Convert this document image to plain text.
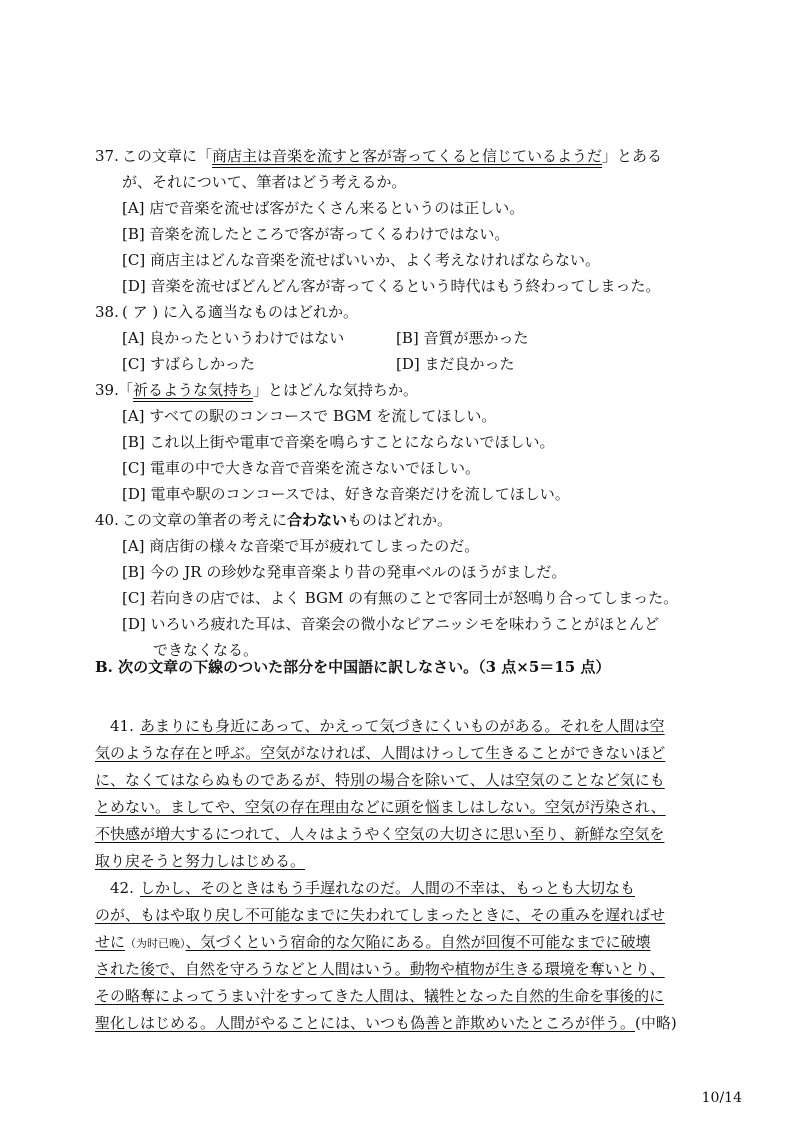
37. この文章に「商店主は音楽を流すと客が寄ってくると信じているようだ」とある
が、それについて、筆者はどう考えるか。
[A] 店で音楽を流せば客がたくさん来るというのは正しい。
[B] 音楽を流したところで客が寄ってくるわけではない。
[C] 商店主はどんな音楽を流せばいいか、よく考えなければならない。
[D] 音楽を流せばどんどん客が寄ってくるという時代はもう終わってしまった。
38. ( ア ) に入る適当なものはどれか。
[A] 良かったというわけではない	[B] 音質が悪かった
[C] すばらしかった	[D] まだ良かった
39. 「祈るような気持ち」とはどんな気持ちか。
[A] すべての駅のコンコースで BGM を流してほしい。
[B] これ以上街や電車で音楽を鳴らすことにならないでほしい。
[C] 電車の中で大きな音で音楽を流さないでほしい。
[D] 電車や駅のコンコースでは、好きな音楽だけを流してほしい。
40. この文章の筆者の考えに合わないものはどれか。
[A] 商店街の様々な音楽で耳が疲れてしまったのだ。
[B] 今の JR の珍妙な発車音楽より昔の発車ベルのほうがましだ。
[C] 若向きの店では、よく BGM の有無のことで客同士が怒鳴り合ってしまった。
[D] いろいろ疲れた耳は、音楽会の微小なピアニッシモを味わうことがほとんど
できなくなる。
B. 次の文章の下線のついた部分を中国語に訳しなさい。（3 点×5＝15 点）
41. あまりにも身近にあって、かえって気づきにくいものがある。それを人間は空
気のような存在と呼ぶ。空気がなければ、人間はけっして生きることができないほど
に、なくてはならぬものであるが、特別の場合を除いて、人は空気のことなど気にも
とめない。ましてや、空気の存在理由などに頭を悩ましはしない。空気が汚染され、
不快感が増大するにつれて、人々はようやく空気の大切さに思い至り、新鮮な空気を
取り戻そうと努力しはじめる。
42. しかし、そのときはもう手遅れなのだ。人間の不幸は、もっとも大切なも
のが、もはや取り戻し不可能なまでに失われてしまったときに、その重みを遅ればせ
せに（为时已晚）、気づくという宿命的な欠陥にある。自然が回復不可能なまでに破壊
された後で、自然を守ろうなどと人間はいう。動物や植物が生きる環境を奪いとり、
その略奪によってうまい汁をすってきた人間は、犠牲となった自然的生命を事後的に
聖化しはじめる。人間がやることには、いつも偽善と詐欺めいたところが伴う。(中略)
10/14
